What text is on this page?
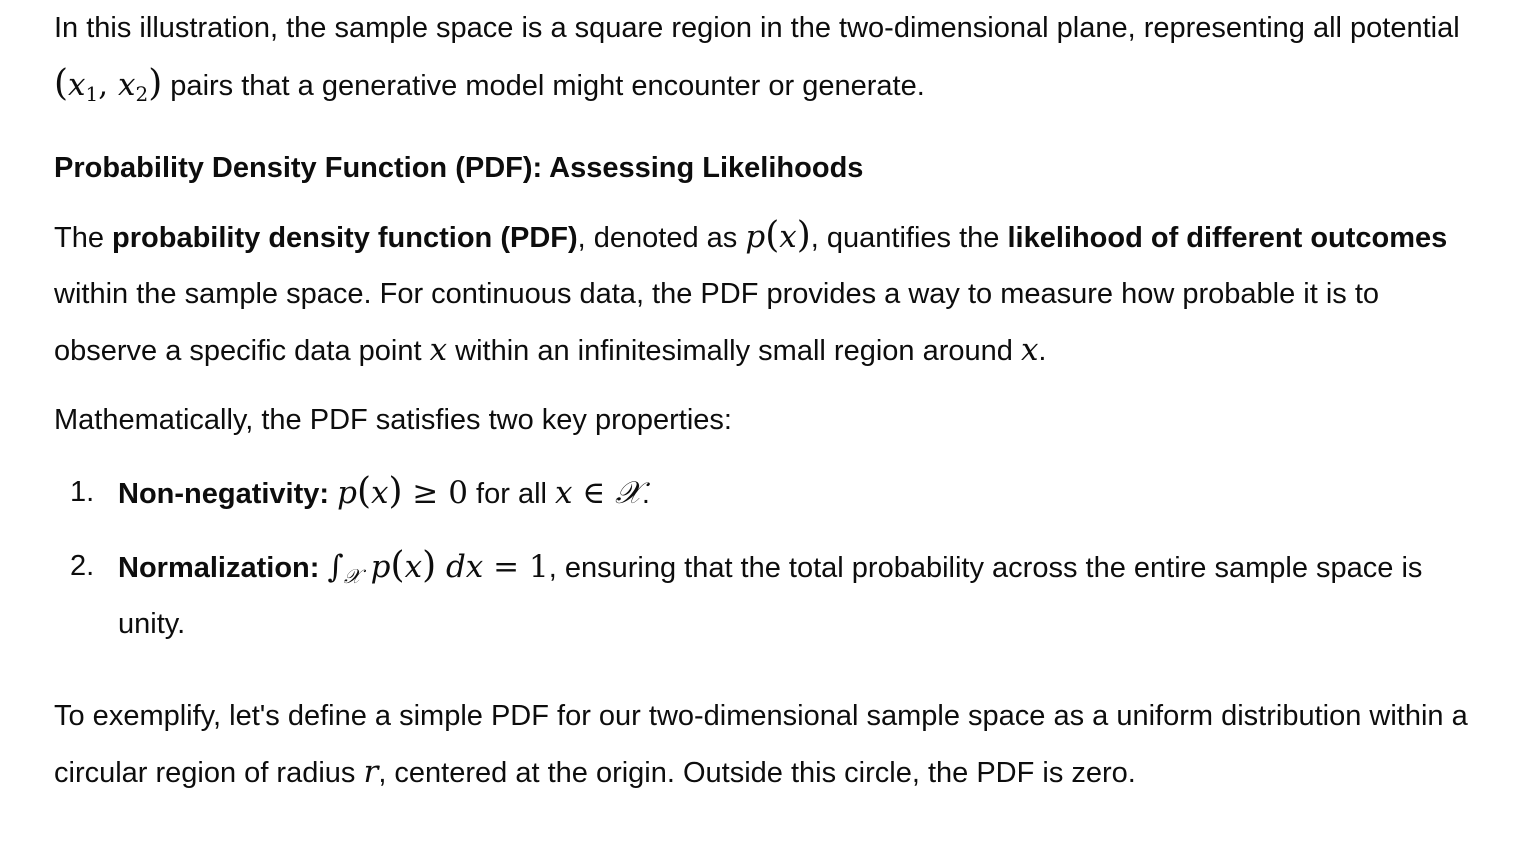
In this illustration, the sample space is a square region in the two-dimensional plane, representing all potential ($x_1$, $x_2$) pairs that a generative model might encounter or generate.

Probability Density Function (PDF): Assessing Likelihoods

The probability density function (PDF), denoted as p(x), quantifies the likelihood of different outcomes within the sample space. For continuous data, the PDF provides a way to measure how probable it is to observe a specific data point x within an infinitesimally small region around x.

Mathematically, the PDF satisfies two key properties:

1. Non-negativity: p(x) ≥ 0 for all x ∈ 𝒳.
2. Normalization: $\int_𝒳$ p(x) dx = 1, ensuring that the total probability across the entire sample space is unity.

To exemplify, let's define a simple PDF for our two-dimensional sample space as a uniform distribution within a circular region of radius r, centered at the origin. Outside this circle, the PDF is zero.
